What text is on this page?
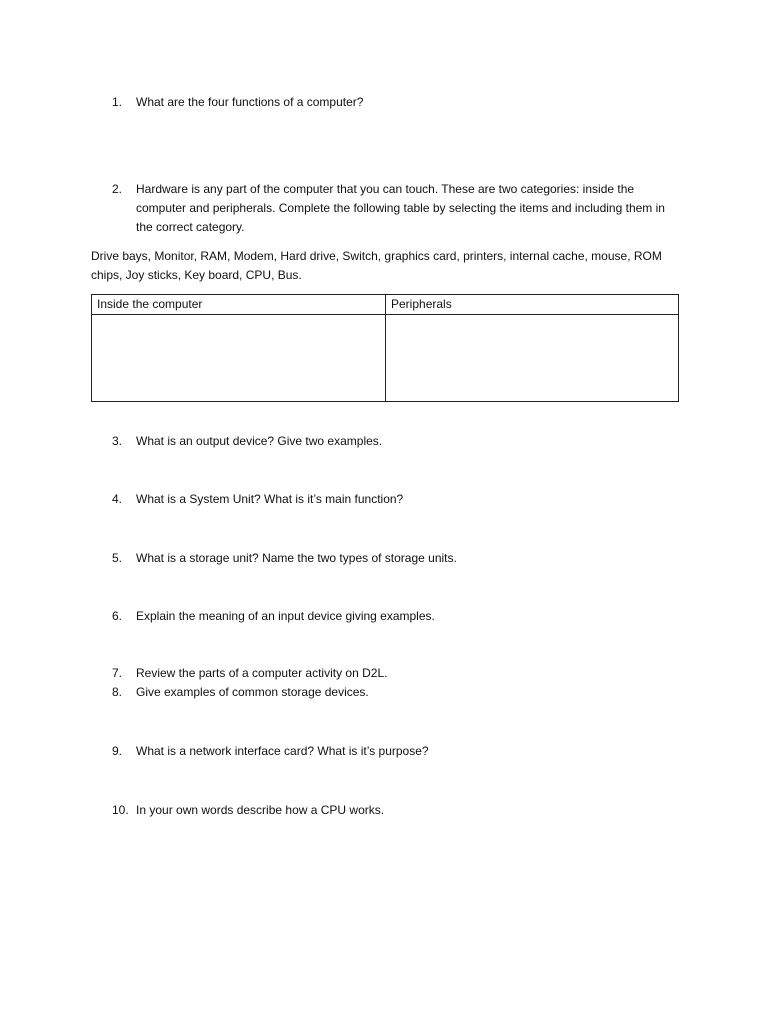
1.	What are the four functions of a computer?
2.	Hardware is any part of the computer that you can touch. These are two categories: inside the computer and peripherals. Complete the following table by selecting the items and including them in the correct category.
Drive bays, Monitor, RAM, Modem, Hard drive, Switch, graphics card, printers, internal cache, mouse, ROM chips, Joy sticks, Key board, CPU, Bus.
Inside the computer	Peripherals

3.	What is an output device? Give two examples.
4.	What is a System Unit? What is it’s main function?
5.	What is a storage unit? Name the two types of storage units.
6.	Explain the meaning of an input device giving examples.
7.	Review the parts of a computer activity on D2L.
8.	Give examples of common storage devices.
9.	What is a network interface card? What is it’s purpose?
10. In your own words describe how a CPU works.
